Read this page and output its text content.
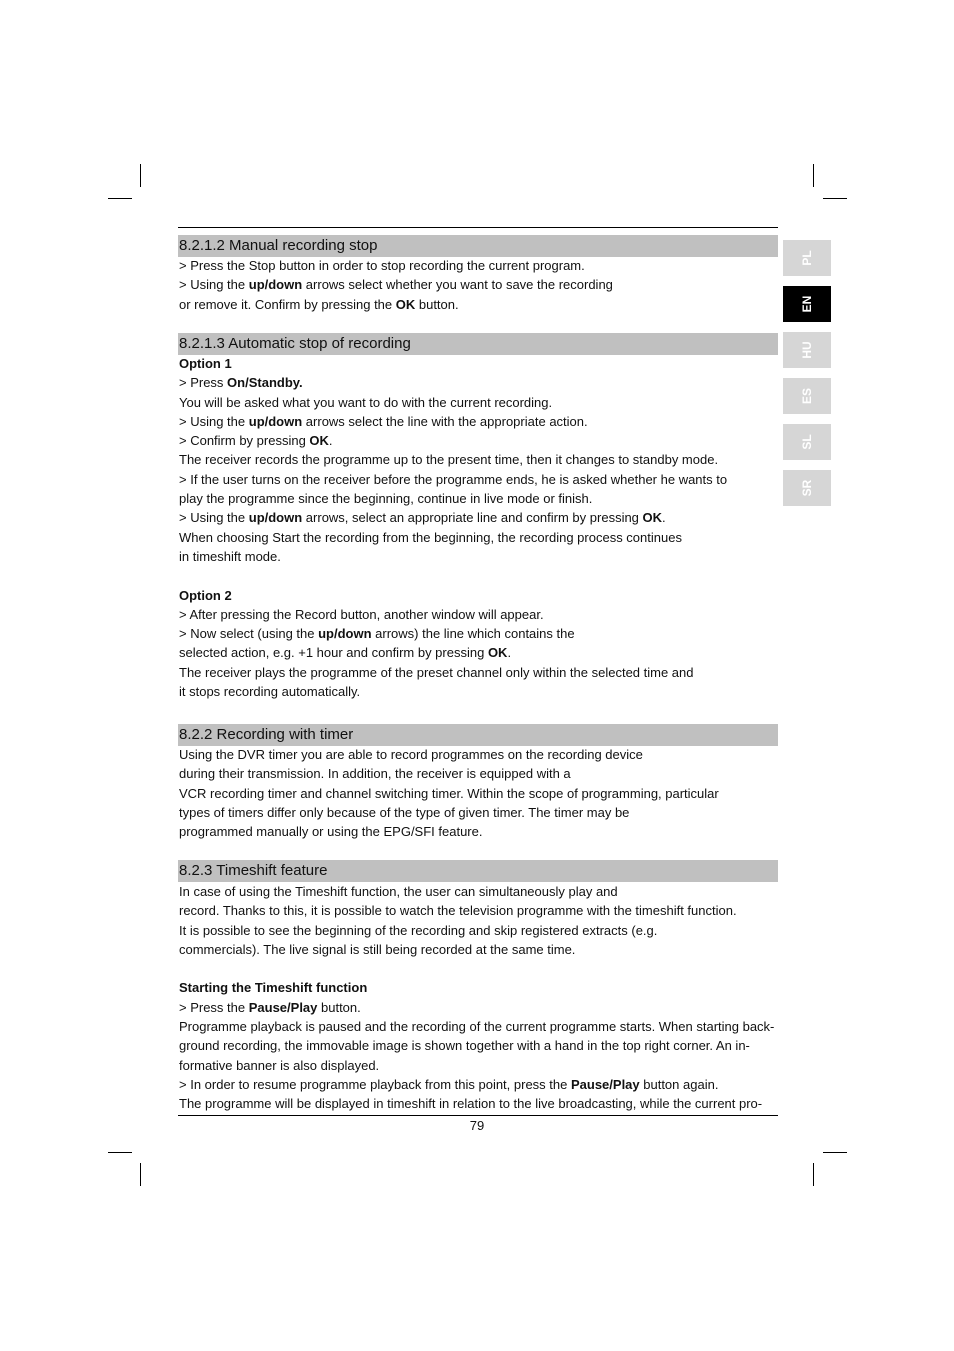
8.2.1.2 Manual recording stop
> Press the Stop button in order to stop recording the current program.
> Using the up/down arrows select whether you want to save the recording
or remove it. Confirm by pressing the OK button.
8.2.1.3 Automatic stop of recording
Option 1
> Press On/Standby.
You will be asked what you want to do with the current recording.
> Using the up/down arrows select the line with the appropriate action.
> Confirm by pressing OK.
The receiver records the programme up to the present time, then it changes to standby mode.
> If the user turns on the receiver before the programme ends, he is asked whether he wants to
play the programme since the beginning, continue in live mode or finish.
> Using the up/down arrows, select an appropriate line and confirm by pressing OK.
When choosing Start the recording from the beginning, the recording process continues
in timeshift mode.
Option 2
> After pressing the Record button, another window will appear.
> Now select (using the up/down arrows) the line which contains the
selected action, e.g. +1 hour and confirm by pressing OK.
The receiver plays the programme of the preset channel only within the selected time and
it stops recording automatically.
8.2.2 Recording with timer
Using the DVR timer you are able to record programmes on the recording device
during their transmission. In addition, the receiver is equipped with a
VCR recording timer and channel switching timer. Within the scope of programming, particular
types of timers differ only because of the type of given timer. The timer may be
programmed manually or using the EPG/SFI feature.
8.2.3 Timeshift feature
In case of using the Timeshift function, the user can simultaneously play and
record. Thanks to this, it is possible to watch the television programme with the timeshift function.
It is possible to see the beginning of the recording and skip registered extracts (e.g.
commercials). The live signal is still being recorded at the same time.
Starting the Timeshift function
> Press the Pause/Play button.
Programme playback is paused and the recording of the current programme starts. When starting back-
ground recording, the immovable image is shown together with a hand in the top right corner. An in-
formative banner is also displayed.
> In order to resume programme playback from this point, press the Pause/Play button again.
The programme will be displayed in timeshift in relation to the live broadcasting, while the current pro-
PL
EN
HU
ES
SL
SR
79
